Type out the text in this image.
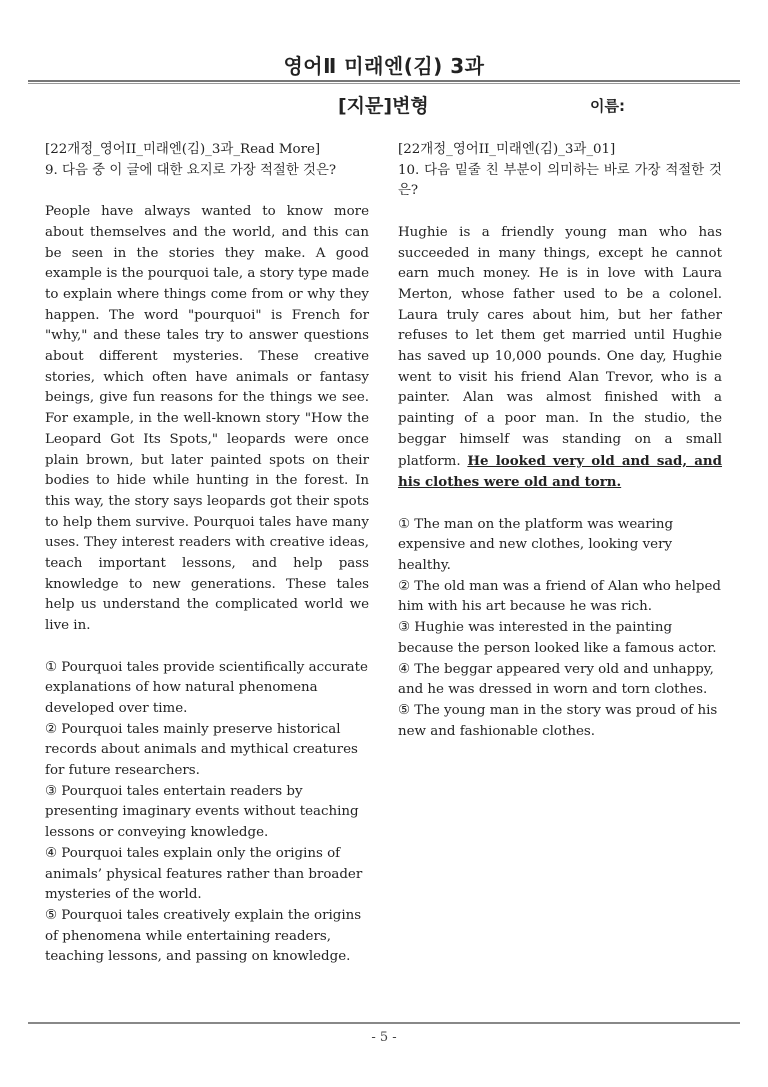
영어Ⅱ 미래엔(김) 3과
[지문]변형	이름:

[22개정_영어II_미래엔(김)_3과_Read More]

9. 다음 중 이 글에 대한 요지로 가장 적절한 것은?

People have always wanted to know more about themselves and the world, and this can be seen in the stories they make. A good example is the pourquoi tale, a story type made to explain where things come from or why they happen. The word "pourquoi" is French for "why," and these tales try to answer questions about different mysteries. These creative stories, which often have animals or fantasy beings, give fun reasons for the things we see. For example, in the well-known story "How the Leopard Got Its Spots," leopards were once plain brown, but later painted spots on their bodies to hide while hunting in the forest. In this way, the story says leopards got their spots to help them survive. Pourquoi tales have many uses. They interest readers with creative ideas, teach important lessons, and help pass knowledge to new generations. These tales help us understand the complicated world we live in.

① Pourquoi tales provide scientifically accurate explanations of how natural phenomena developed over time.
② Pourquoi tales mainly preserve historical records about animals and mythical creatures for future researchers.
③ Pourquoi tales entertain readers by presenting imaginary events without teaching lessons or conveying knowledge.
④ Pourquoi tales explain only the origins of animals’ physical features rather than broader mysteries of the world.
⑤ Pourquoi tales creatively explain the origins of phenomena while entertaining readers, teaching lessons, and passing on knowledge.

[22개정_영어II_미래엔(김)_3과_01]

10. 다음 밑줄 친 부분이 의미하는 바로 가장 적절한 것은?

Hughie is a friendly young man who has succeeded in many things, except he cannot earn much money. He is in love with Laura Merton, whose father used to be a colonel. Laura truly cares about him, but her father refuses to let them get married until Hughie has saved up 10,000 pounds. One day, Hughie went to visit his friend Alan Trevor, who is a painter. Alan was almost finished with a painting of a poor man. In the studio, the beggar himself was standing on a small platform. He looked very old and sad, and his clothes were old and torn.

① The man on the platform was wearing expensive and new clothes, looking very healthy.
② The old man was a friend of Alan who helped him with his art because he was rich.
③ Hughie was interested in the painting because the person looked like a famous actor.
④ The beggar appeared very old and unhappy, and he was dressed in worn and torn clothes.
⑤ The young man in the story was proud of his new and fashionable clothes.
- 5 -
